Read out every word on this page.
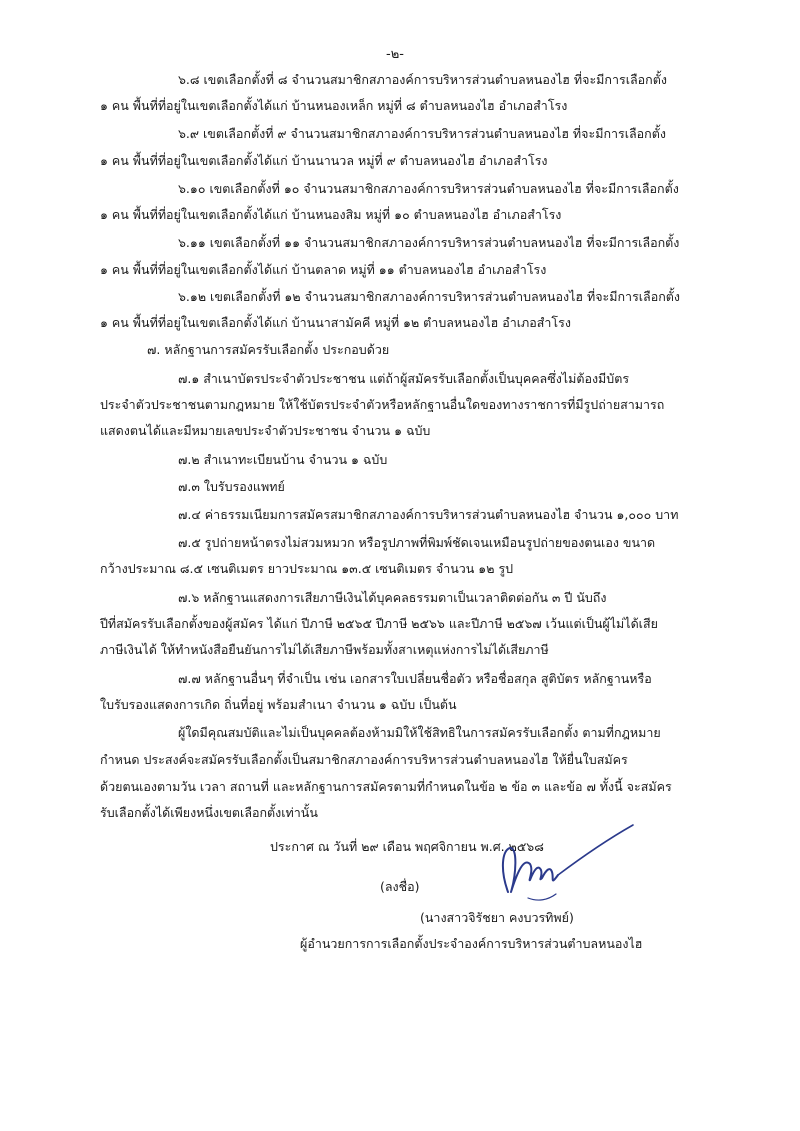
-๒-
๖.๘ เขตเลือกตั้งที่ ๘ จำนวนสมาชิกสภาองค์การบริหารส่วนตำบลหนองไฮ ที่จะมีการเลือกตั้ง
๑ คน พื้นที่ที่อยู่ในเขตเลือกตั้งได้แก่ บ้านหนองเหล็ก หมู่ที่ ๘ ตำบลหนองไฮ อำเภอสำโรง
๖.๙ เขตเลือกตั้งที่ ๙ จำนวนสมาชิกสภาองค์การบริหารส่วนตำบลหนองไฮ ที่จะมีการเลือกตั้ง
๑ คน พื้นที่ที่อยู่ในเขตเลือกตั้งได้แก่ บ้านนานวล หมู่ที่ ๙ ตำบลหนองไฮ อำเภอสำโรง
๖.๑๐ เขตเลือกตั้งที่ ๑๐ จำนวนสมาชิกสภาองค์การบริหารส่วนตำบลหนองไฮ ที่จะมีการเลือกตั้ง
๑ คน พื้นที่ที่อยู่ในเขตเลือกตั้งได้แก่ บ้านหนองสิม หมู่ที่ ๑๐ ตำบลหนองไฮ อำเภอสำโรง
๖.๑๑ เขตเลือกตั้งที่ ๑๑ จำนวนสมาชิกสภาองค์การบริหารส่วนตำบลหนองไฮ ที่จะมีการเลือกตั้ง
๑ คน พื้นที่ที่อยู่ในเขตเลือกตั้งได้แก่ บ้านตลาด หมู่ที่ ๑๑ ตำบลหนองไฮ อำเภอสำโรง
๖.๑๒ เขตเลือกตั้งที่ ๑๒ จำนวนสมาชิกสภาองค์การบริหารส่วนตำบลหนองไฮ ที่จะมีการเลือกตั้ง
๑ คน พื้นที่ที่อยู่ในเขตเลือกตั้งได้แก่ บ้านนาสามัคคี หมู่ที่ ๑๒ ตำบลหนองไฮ อำเภอสำโรง
๗. หลักฐานการสมัครรับเลือกตั้ง ประกอบด้วย
๗.๑ สำเนาบัตรประจำตัวประชาชน แต่ถ้าผู้สมัครรับเลือกตั้งเป็นบุคคลซึ่งไม่ต้องมีบัตร
ประจำตัวประชาชนตามกฎหมาย ให้ใช้บัตรประจำตัวหรือหลักฐานอื่นใดของทางราชการที่มีรูปถ่ายสามารถ
แสดงตนได้และมีหมายเลขประจำตัวประชาชน จำนวน ๑ ฉบับ
๗.๒ สำเนาทะเบียนบ้าน จำนวน ๑ ฉบับ
๗.๓ ใบรับรองแพทย์
๗.๔ ค่าธรรมเนียมการสมัครสมาชิกสภาองค์การบริหารส่วนตำบลหนองไฮ จำนวน ๑,๐๐๐ บาท
๗.๕ รูปถ่ายหน้าตรงไม่สวมหมวก หรือรูปภาพที่พิมพ์ชัดเจนเหมือนรูปถ่ายของตนเอง ขนาด
กว้างประมาณ ๘.๕ เซนติเมตร ยาวประมาณ ๑๓.๕ เซนติเมตร จำนวน ๑๒ รูป
๗.๖ หลักฐานแสดงการเสียภาษีเงินได้บุคคลธรรมดาเป็นเวลาติดต่อกัน ๓ ปี นับถึง
ปีที่สมัครรับเลือกตั้งของผู้สมัคร ได้แก่ ปีภาษี ๒๕๖๕ ปีภาษี ๒๕๖๖ และปีภาษี ๒๕๖๗ เว้นแต่เป็นผู้ไม่ได้เสีย
ภาษีเงินได้ ให้ทำหนังสือยืนยันการไม่ได้เสียภาษีพร้อมทั้งสาเหตุแห่งการไม่ได้เสียภาษี
๗.๗ หลักฐานอื่นๆ ที่จำเป็น เช่น เอกสารใบเปลี่ยนชื่อตัว หรือชื่อสกุล สูติบัตร หลักฐานหรือ
ใบรับรองแสดงการเกิด ถิ่นที่อยู่ พร้อมสำเนา จำนวน ๑ ฉบับ เป็นต้น
ผู้ใดมีคุณสมบัติและไม่เป็นบุคคลต้องห้ามมิให้ใช้สิทธิในการสมัครรับเลือกตั้ง ตามที่กฎหมาย
กำหนด ประสงค์จะสมัครรับเลือกตั้งเป็นสมาชิกสภาองค์การบริหารส่วนตำบลหนองไฮ ให้ยื่นใบสมัคร
ด้วยตนเองตามวัน เวลา สถานที่ และหลักฐานการสมัครตามที่กำหนดในข้อ ๒ ข้อ ๓ และข้อ ๗ ทั้งนี้ จะสมัคร
รับเลือกตั้งได้เพียงหนึ่งเขตเลือกตั้งเท่านั้น
ประกาศ ณ วันที่ ๒๙ เดือน พฤศจิกายน พ.ศ. ๒๕๖๘
(ลงชื่อ)
(นางสาวจิรัชยา คงบวรทิพย์)
ผู้อำนวยการการเลือกตั้งประจำองค์การบริหารส่วนตำบลหนองไฮ
